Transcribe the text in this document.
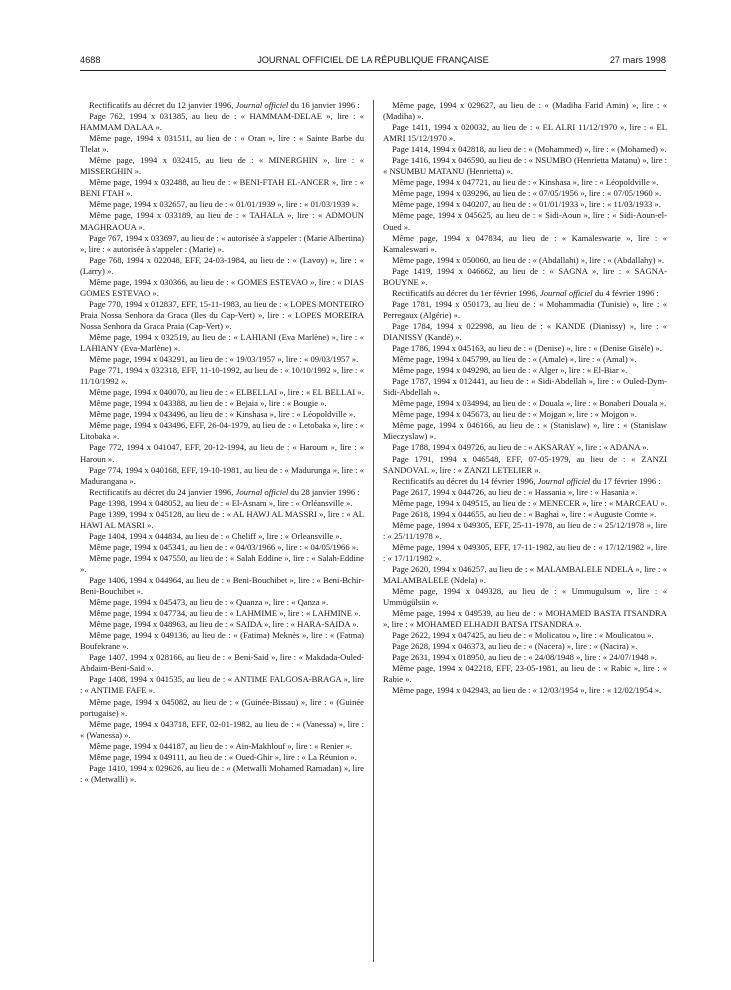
4688	JOURNAL OFFICIEL DE LA RÉPUBLIQUE FRANÇAISE	27 mars 1998

Rectificatifs au décret du 12 janvier 1996, Journal officiel du 16 janvier 1996 :

Page 762, 1994 x 031385, au lieu de : « HAMMAM-DELAE », lire : « HAMMAM DALAA ».

Même page, 1994 x 031511, au lieu de : « Oran », lire : « Sainte Barbe du Tlelat ».

Même page, 1994 x 032415, au lieu de : « MINERGHIN », lire : « MISSERGHIN ».

Même page, 1994 x 032488, au lieu de : « BENI-FTAH EL-ANCER », lire : « BENI FTAH ».

Même page, 1994 x 032657, au lieu de : « 01/01/1939 », lire : « 01/03/1939 ».

Même page, 1994 x 033189, au lieu de : « TAHALA », lire : « ADMOUN MAGHRAOUA ».

Page 767, 1994 x 033697, au lieu de : « autorisée à s'appeler : (Marie Albertina) », lire : « autorisée à s'appeler : (Marie) ».

Page 768, 1994 x 022048, EFF, 24-03-1984, au lieu de : « (Lavoy) », lire : « (Larry) ».

Même page, 1994 x 030366, au lieu de : « GOMES ESTEVAO », lire : « DIAS GOMES ESTEVAO ».

Page 770, 1994 x 012837, EFF, 15-11-1983, au lieu de : « LOPES MONTEIRO Praia Nossa Senhora da Graca (Iles du Cap-Vert) », lire : « LOPES MOREIRA Nossa Senhora da Graca Praia (Cap-Vert) ».

Même page, 1994 x 032519, au lieu de : « LAHIANI (Eva Marlène) », lire : « LAHIANY (Eva-Marlène) ».

Même page, 1994 x 043291, au lieu de : « 19/03/1957 », lire : « 09/03/1957 ».

Page 771, 1994 x 032318, EFF, 11-10-1992, au lieu de : « 10/10/1992 », lire : « 11/10/1992 ».

Même page, 1994 x 040070, au lieu de : « ELBELLAI », lire : « EL BELLAI ».

Même page, 1994 x 043388, au lieu de : « Bejaia », lire : « Bougie ».

Même page, 1994 x 043496, au lieu de : « Kinshasa », lire : « Léopoldville ».

Même page, 1994 x 043496, EFF, 26-04-1979, au lieu de : « Letobaka », lire : « Litobaka ».

Page 772, 1994 x 041047, EFF, 20-12-1994, au lieu de : « Haroum », lire : « Haroun ».

Page 774, 1994 x 040168, EFF, 19-10-1981, au lieu de : « Madurunga », lire : « Madurangana ».

Rectificatifs au décret du 24 janvier 1996, Journal officiel du 28 janvier 1996 :

Page 1398, 1994 x 048052, au lieu de : « El-Asnam », lire : « Orléansville ».

Page 1399, 1994 x 045128, au lieu de : « AL HAWJ AL MASSRI », lire : « AL HAWI AL MASRI ».

Page 1404, 1994 x 044834, au lieu de : « Cheliff », lire : « Orleansville ».

Même page, 1994 x 045341, au lieu de : « 04/03/1966 », lire : « 04/05/1966 ».

Même page, 1994 x 047550, au lieu de : « Salah Eddine », lire : « Salah-Eddine ».

Page 1406, 1994 x 044964, au lieu de : « Beni-Bouchibet », lire : « Beni-Bchir-Beni-Bouchibet ».

Même page, 1994 x 045473, au lieu de : « Quanza », lire : « Qanza ».

Même page, 1994 x 047734, au lieu de : « LAHMIME », lire : « LAHMINE ».

Même page, 1994 x 048963, au lieu de : « SAIDA », lire : « HARA-SAIDA ».

Même page, 1994 x 049136, au lieu de : « (Fatima) Meknès », lire : « (Fatma) Boufekrane ».

Page 1407, 1994 x 028166, au lieu de : « Beni-Said », lire : « Makdada-Ouled-Abdaim-Beni-Said ».

Page 1408, 1994 x 041535, au lieu de : « ANTIME FALGOSA-BRAGA », lire : « ANTIME FAFE ».

Même page, 1994 x 045082, au lieu de : « (Guinée-Bissau) », lire : « (Guinée portugaise) ».

Même page, 1994 x 043718, EFF, 02-01-1982, au lieu de : « (Vanessa) », lire : « (Wanessa) ».

Même page, 1994 x 044187, au lieu de : « Ain-Makhlouf », lire : « Renier ».

Même page, 1994 x 049111, au lieu de : « Oued-Ghir », lire : « La Réunion ».

Page 1410, 1994 x 029626, au lieu de : « (Metwalli Mohamed Ramadan) », lire : « (Metwalli) ».

Même page, 1994 x 029627, au lieu de : « (Madiha Farid Amin) », lire : « (Madiha) ».

Page 1411, 1994 x 020032, au lieu de : « EL ALRI 11/12/1970 », lire : « EL AMRI 15/12/1970 ».

Page 1414, 1994 x 042818, au lieu de : « (Mohammed) », lire : « (Mohamed) ».

Page 1416, 1994 x 046590, au lieu de : « NSUMBO (Henrietta Matanu) », lire : « NSUMBU MATANU (Henrietta) ».

Même page, 1994 x 047721, au lieu de : « Kinshasa », lire : « Léopoldville ».

Même page, 1994 x 039296, au lieu de : « 07/05/1956 », lire : « 07/05/1960 ».

Même page, 1994 x 040207, au lieu de : « 01/01/1933 », lire : « 11/03/1933 ».

Même page, 1994 x 045625, au lieu de : « Sidi-Aoun », lire : « Sidi-Aoun-el-Oued ».

Même page, 1994 x 047834, au lieu de : « Kamaleswarie », lire : « Kamaleswari ».

Même page, 1994 x 050060, au lieu de : « (Abdallahi) », lire : « (Abdallahy) ».

Page 1419, 1994 x 046662, au lieu de : « SAGNA », lire : « SAGNA-BOUYNE ».

Rectificatifs au décret du 1er février 1996, Journal officiel du 4 février 1996 :

Page 1781, 1994 x 050173, au lieu de : « Mohammadia (Tunisie) », lire : « Perregaux (Algérie) ».

Page 1784, 1994 x 022998, au lieu de : « KANDE (Dianissy) », lire : « DIANISSY (Kandé) ».

Page 1786, 1994 x 045163, au lieu de : « (Denise) », lire : « (Denise Gisèle) ».

Même page, 1994 x 045799, au lieu de : « (Amale) », lire : « (Amal) ».

Même page, 1994 x 049298, au lieu de : « Alger », lire : « El-Biar ».

Page 1787, 1994 x 012441, au lieu de : « Sidi-Abdellah », lire : « Ouled-Dym-Sidi-Abdellah ».

Même page, 1994 x 034994, au lieu de : « Douala », lire : « Bonaberi Douala ».

Même page, 1994 x 045673, au lieu de : « Mojgan », lire : « Mojgon ».

Même page, 1994 x 046166, au lieu de : « (Stanislaw) », lire : « (Stanislaw Mieczyslaw) ».

Page 1788, 1994 x 049726, au lieu de : « AKSARAY », lire : « ADANA ».

Page 1791, 1994 x 046548, EFF, 07-05-1979, au lieu de : « ZANZI SANDOVAL », lire : « ZANZI LETELIER ».

Rectificatifs au décret du 14 février 1996, Journal officiel du 17 février 1996 :

Page 2617, 1994 x 044726, au lieu de : « Hassania », lire : « Hasania ».

Même page, 1994 x 049515, au lieu de : « MENECER », lire : « MARCEAU ».

Page 2618, 1994 x 044655, au lieu de : « Baghai », lire : « Auguste Comte ».

Même page, 1994 x 049305, EFF, 25-11-1978, au lieu de : « 25/12/1978 », lire : « 25/11/1978 ».

Même page, 1994 x 049305, EFF, 17-11-1982, au lieu de : « 17/12/1982 », lire : « 17/11/1982 ».

Page 2620, 1994 x 046257, au lieu de : « MALAMBALELE NDELA », lire : « MALAMBALELE (Ndela) ».

Même page, 1994 x 049328, au lieu de : « Ummugulsum », lire : « Ummügülsün ».

Même page, 1994 x 049539, au lieu de : « MOHAMED BASTA ITSANDRA », lire : « MOHAMED ELHADJI BATSA ITSANDRA ».

Page 2622, 1994 x 047425, au lieu de : « Molicatou », lire : « Moulicatou ».

Page 2628, 1994 x 046373, au lieu de : « (Nacera) », lire : « (Nacira) ».

Page 2631, 1994 x 018950, au lieu de : « 24/08/1948 », lire : « 24/07/1948 ».

Même page, 1994 x 042218, EFF, 23-05-1981, au lieu de : « Rabic », lire : « Rabie ».

Même page, 1994 x 042943, au lieu de : « 12/03/1954 », lire : « 12/02/1954 ».
